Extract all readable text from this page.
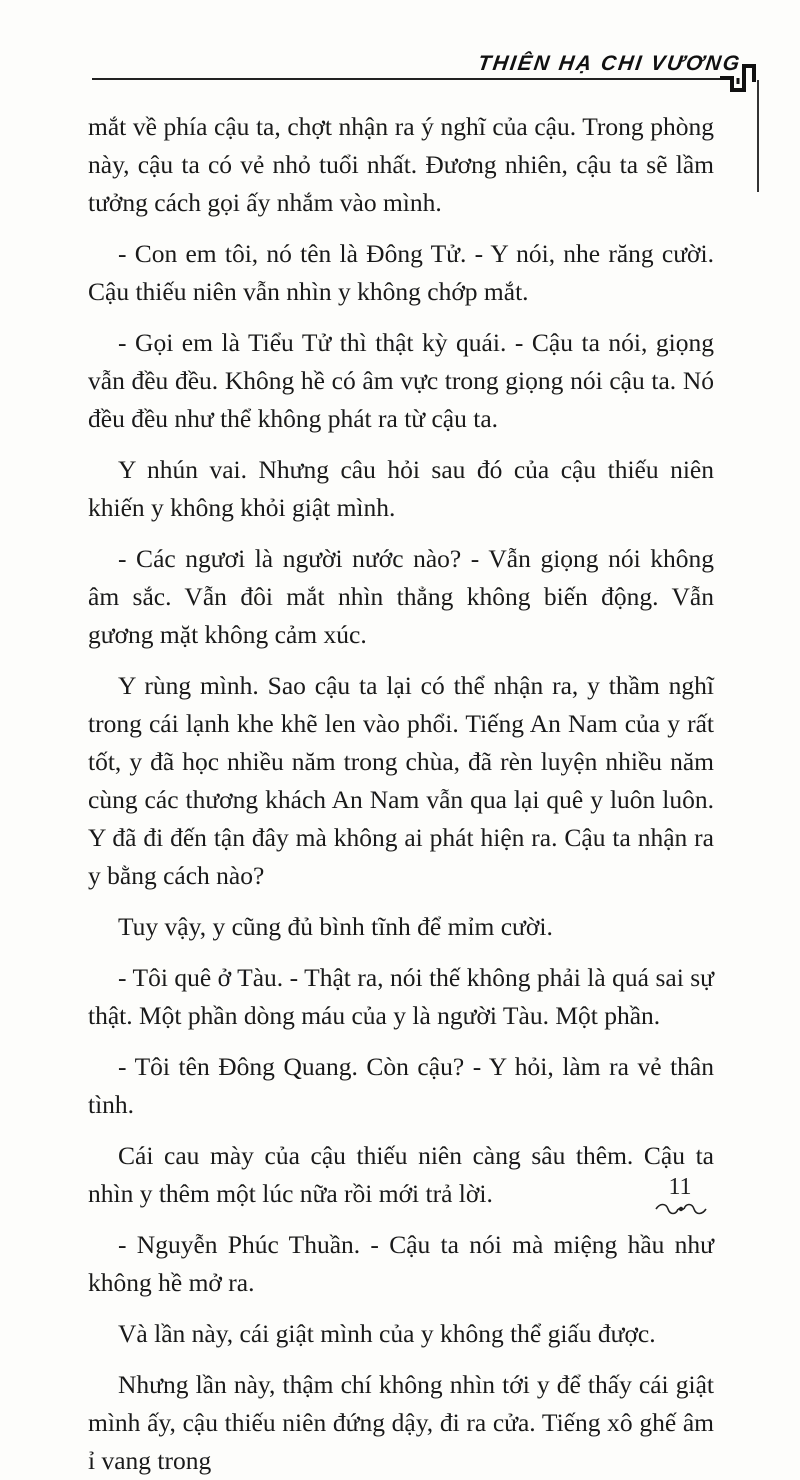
THIÊN HẠ CHI VƯƠNG

mắt về phía cậu ta, chợt nhận ra ý nghĩ của cậu. Trong phòng này, cậu ta có vẻ nhỏ tuổi nhất. Đương nhiên, cậu ta sẽ lầm tưởng cách gọi ấy nhắm vào mình.

- Con em tôi, nó tên là Đông Tử. - Y nói, nhe răng cười. Cậu thiếu niên vẫn nhìn y không chớp mắt.

- Gọi em là Tiểu Tử thì thật kỳ quái. - Cậu ta nói, giọng vẫn đều đều. Không hề có âm vực trong giọng nói cậu ta. Nó đều đều như thể không phát ra từ cậu ta.

Y nhún vai. Nhưng câu hỏi sau đó của cậu thiếu niên khiến y không khỏi giật mình.

- Các ngươi là người nước nào? - Vẫn giọng nói không âm sắc. Vẫn đôi mắt nhìn thẳng không biến động. Vẫn gương mặt không cảm xúc.

Y rùng mình. Sao cậu ta lại có thể nhận ra, y thầm nghĩ trong cái lạnh khe khẽ len vào phổi. Tiếng An Nam của y rất tốt, y đã học nhiều năm trong chùa, đã rèn luyện nhiều năm cùng các thương khách An Nam vẫn qua lại quê y luôn luôn. Y đã đi đến tận đây mà không ai phát hiện ra. Cậu ta nhận ra y bằng cách nào?

Tuy vậy, y cũng đủ bình tĩnh để mỉm cười.

- Tôi quê ở Tàu. - Thật ra, nói thế không phải là quá sai sự thật. Một phần dòng máu của y là người Tàu. Một phần.

- Tôi tên Đông Quang. Còn cậu? - Y hỏi, làm ra vẻ thân tình.

Cái cau mày của cậu thiếu niên càng sâu thêm. Cậu ta nhìn y thêm một lúc nữa rồi mới trả lời.

- Nguyễn Phúc Thuần. - Cậu ta nói mà miệng hầu như không hề mở ra.

Và lần này, cái giật mình của y không thể giấu được.

Nhưng lần này, thậm chí không nhìn tới y để thấy cái giật mình ấy, cậu thiếu niên đứng dậy, đi ra cửa. Tiếng xô ghế âm ỉ vang trong

11
